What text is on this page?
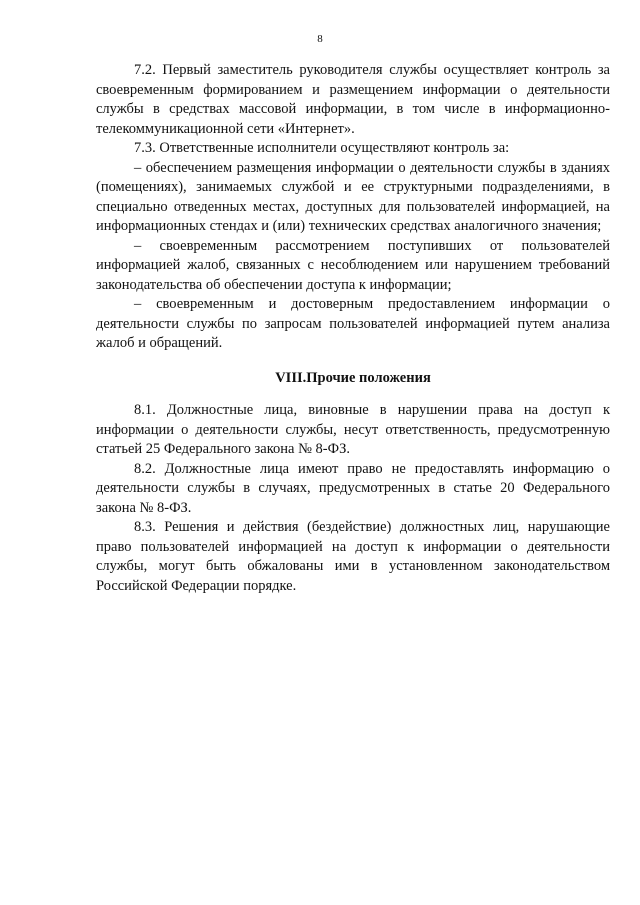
8

7.2. Первый заместитель руководителя службы осуществляет контроль за своевременным формированием и размещением информации о деятельности службы в средствах массовой информации, в том числе в информационно-телекоммуникационной сети «Интернет».

7.3. Ответственные исполнители осуществляют контроль за:

– обеспечением размещения информации о деятельности службы в зданиях (помещениях), занимаемых службой и ее структурными подразделениями, в специально отведенных местах, доступных для пользователей информацией, на информационных стендах и (или) технических средствах аналогичного значения;

– своевременным рассмотрением поступивших от пользователей информацией жалоб, связанных с несоблюдением или нарушением требований законодательства об обеспечении доступа к информации;

– своевременным и достоверным предоставлением информации о деятельности службы по запросам пользователей информацией путем анализа жалоб и обращений.

VIII.Прочие положения

8.1. Должностные лица, виновные в нарушении права на доступ к информации о деятельности службы, несут ответственность, предусмотренную статьей 25 Федерального закона № 8-ФЗ.

8.2. Должностные лица имеют право не предоставлять информацию о деятельности службы в случаях, предусмотренных в статье 20 Федерального закона № 8-ФЗ.

8.3. Решения и действия (бездействие) должностных лиц, нарушающие право пользователей информацией на доступ к информации о деятельности службы, могут быть обжалованы ими в установленном законодательством Российской Федерации порядке.
